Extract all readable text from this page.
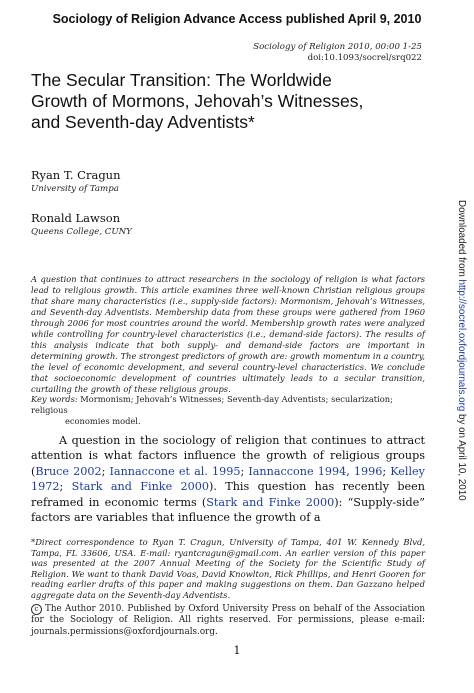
Sociology of Religion Advance Access published April 9, 2010
Sociology of Religion 2010, 00:00 1-25
doi:10.1093/socrel/srq022
The Secular Transition: The Worldwide
Growth of Mormons, Jehovah’s Witnesses,
and Seventh-day Adventists*
Ryan T. Cragun
University of Tampa
Ronald Lawson
Queens College, CUNY
A question that continues to attract researchers in the sociology of religion is what factors lead to religious growth. This article examines three well-known Christian religious groups that share many characteristics (i.e., supply-side factors): Mormonism, Jehovah’s Witnesses, and Seventh-day Adventists. Membership data from these groups were gathered from 1960 through 2006 for most countries around the world. Membership growth rates were analyzed while controlling for country-level characteristics (i.e., demand-side factors). The results of this analysis indicate that both supply- and demand-side factors are important in determining growth. The strongest predictors of growth are: growth momentum in a country, the level of economic development, and several country-level characteristics. We conclude that socioeconomic development of countries ultimately leads to a secular transition, curtailing the growth of these religious groups.
Key words: Mormonism; Jehovah’s Witnesses; Seventh-day Adventists; secularization; religious
economies model.

A question in the sociology of religion that continues to attract attention is what factors influence the growth of religious groups (Bruce 2002; Iannaccone et al. 1995; Iannaccone 1994, 1996; Kelley 1972; Stark and Finke 2000). This question has recently been reframed in economic terms (Stark and Finke 2000): “Supply-side” factors are variables that influence the growth of a

*Direct correspondence to Ryan T. Cragun, University of Tampa, 401 W. Kennedy Blvd, Tampa, FL 33606, USA. E-mail: ryantcragun@gmail.com. An earlier version of this paper was presented at the 2007 Annual Meeting of the Society for the Scientific Study of Religion. We want to thank David Voas, David Knowlton, Rick Phillips, and Henri Gooren for reading earlier drafts of this paper and making suggestions on them. Dan Gazzano helped aggregate data on the Seventh-day Adventists.
c The Author 2010. Published by Oxford University Press on behalf of the Association for the Sociology of Religion. All rights reserved. For permissions, please e-mail: journals.permissions@oxfordjournals.org.
1
Downloaded from http://socrel.oxfordjournals.org by on April 10, 2010
